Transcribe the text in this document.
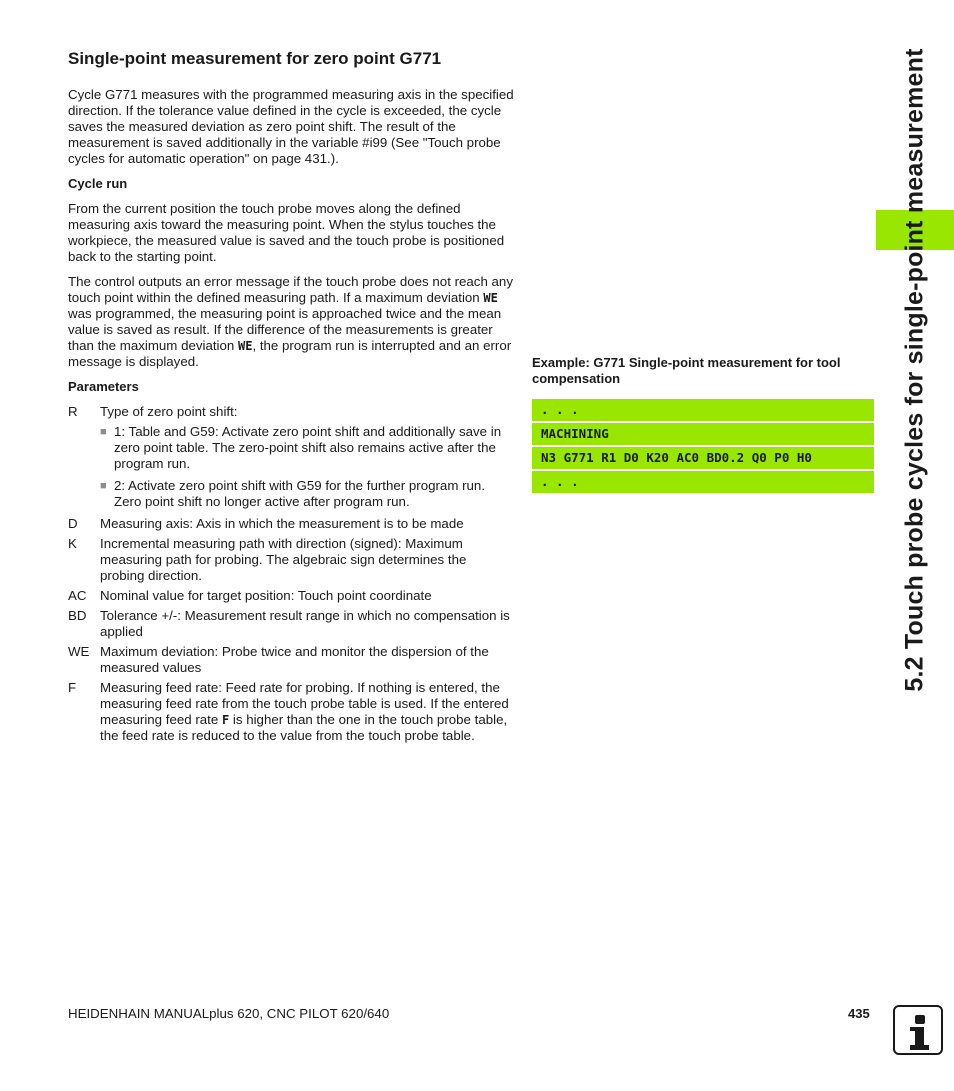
Single-point measurement for zero point G771

Cycle G771 measures with the programmed measuring axis in the specified direction. If the tolerance value defined in the cycle is exceeded, the cycle saves the measured deviation as zero point shift. The result of the measurement is saved additionally in the variable #i99 (See "Touch probe cycles for automatic operation" on page 431.).

Cycle run

From the current position the touch probe moves along the defined measuring axis toward the measuring point. When the stylus touches the workpiece, the measured value is saved and the touch probe is positioned back to the starting point.

The control outputs an error message if the touch probe does not reach any touch point within the defined measuring path. If a maximum deviation WE was programmed, the measuring point is approached twice and the mean value is saved as result. If the difference of the measurements is greater than the maximum deviation WE, the program run is interrupted and an error message is displayed.

Parameters

R	Type of zero point shift:
■ 1: Table and G59: Activate zero point shift and additionally save in zero point table. The zero-point shift also remains active after the program run.
■ 2: Activate zero point shift with G59 for the further program run. Zero point shift no longer active after program run.
D	Measuring axis: Axis in which the measurement is to be made
K	Incremental measuring path with direction (signed): Maximum measuring path for probing. The algebraic sign determines the probing direction.
AC	Nominal value for target position: Touch point coordinate
BD	Tolerance +/-: Measurement result range in which no compensation is applied
WE Maximum deviation: Probe twice and monitor the dispersion of the measured values
F	Measuring feed rate: Feed rate for probing. If nothing is entered, the measuring feed rate from the touch probe table is used. If the entered measuring feed rate F is higher than the one in the touch probe table, the feed rate is reduced to the value from the touch probe table.

Example: G771 Single-point measurement for tool compensation

. . .
MACHINING
N3 G771 R1 D0 K20 AC0 BD0.2 Q0 P0 H0
. . .	5.2 Touch probe cycles for single-point measurement
HEIDENHAIN MANUALplus 620, CNC PILOT 620/640	435
